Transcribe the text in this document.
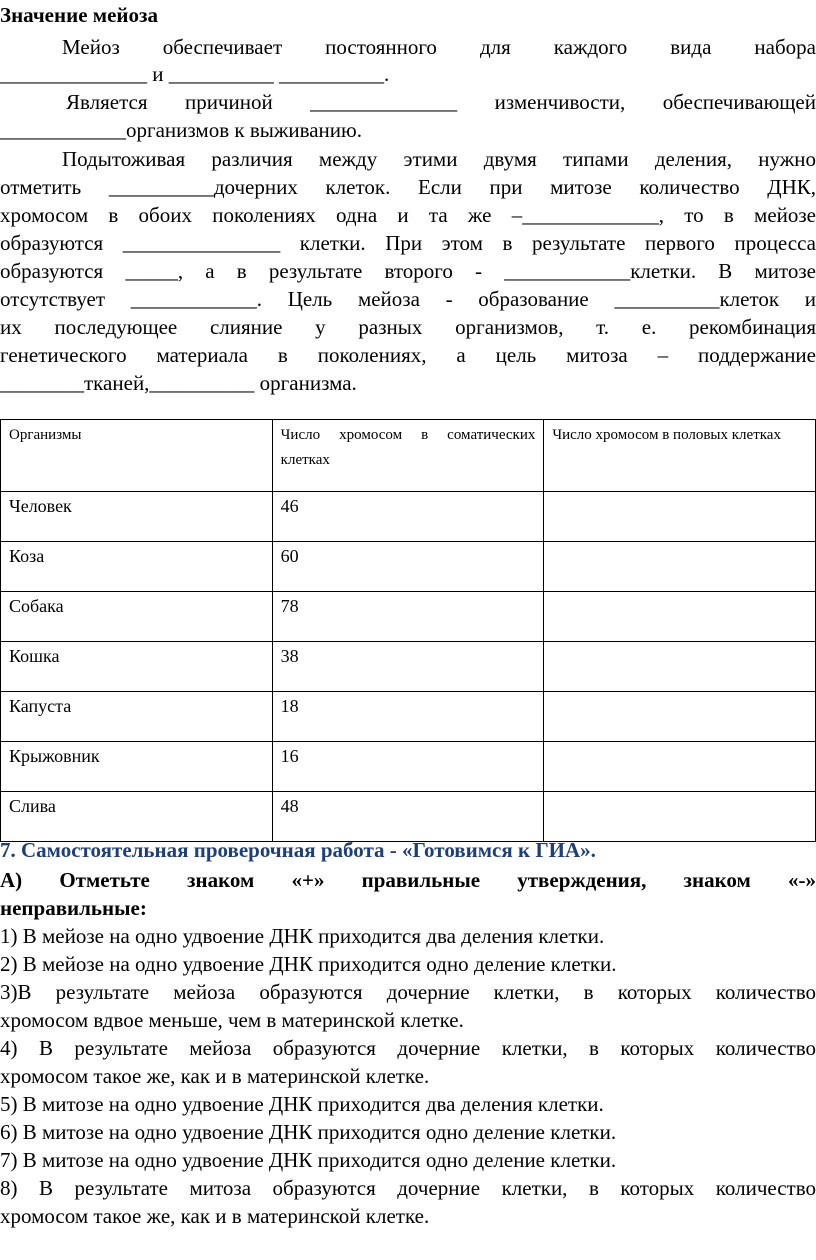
Значение мейоза
Мейоз обеспечивает постоянного для каждого вида набора
______________ и __________ __________.
Является причиной ______________ изменчивости, обеспечивающей
____________организмов к выживанию.
Подытоживая различия между этими двумя типами деления, нужно
отметить __________дочерних клеток. Если при митозе количество ДНК,
хромосом в обоих поколениях одна и та же –_____________, то в мейозе
образуются _______________ клетки. При этом в результате первого процесса
образуются _____, а в результате второго - ____________клетки. В митозе
отсутствует ____________. Цель мейоза - образование __________клеток и
их последующее слияние у разных организмов, т. е. рекомбинация
генетического материала в поколениях, а цель митоза – поддержание
________тканей,__________ организма.
Организмы	Число хромосом в соматических клетках	Число хромосом в половых клетках
Человек	46	
Коза	60	
Собака	78	
Кошка	38	
Капуста	18	
Крыжовник	16	
Слива	48	
7. Самостоятельная проверочная работа - «Готовимся к ГИА».
А) Отметьте знаком «+» правильные утверждения, знаком «-»
неправильные:
1) В мейозе на одно удвоение ДНК приходится два деления клетки.
2) В мейозе на одно удвоение ДНК приходится одно деление клетки.
3)В результате мейоза образуются дочерние клетки, в которых количество
хромосом вдвое меньше, чем в материнской клетке.
4) В результате мейоза образуются дочерние клетки, в которых количество
хромосом такое же, как и в материнской клетке.
5) В митозе на одно удвоение ДНК приходится два деления клетки.
6) В митозе на одно удвоение ДНК приходится одно деление клетки.
7) В митозе на одно удвоение ДНК приходится одно деление клетки.
8) В результате митоза образуются дочерние клетки, в которых количество
хромосом такое же, как и в материнской клетке.
